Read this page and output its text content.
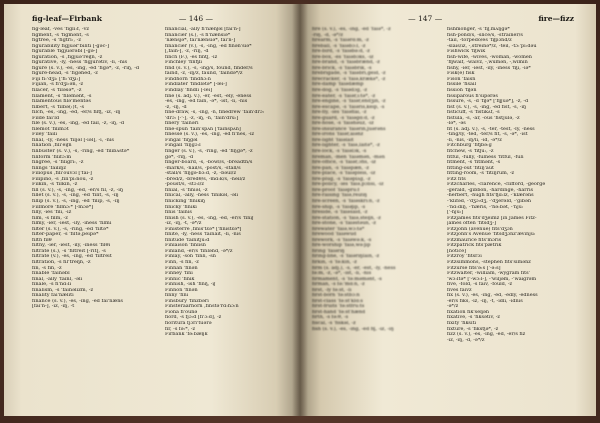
fig-leaf—Firbank	— 146 —
fig-leaf, -ves 'figli:f, -vz
figment, -s 'figmənt, -s
figtree, -s 'figtri:, -z
figurability figjuər'biliti [-gəc-]
figurable 'figjuərəbl [-gə-]
figuration, -s ,figjuə'reiʃn, -z
figurative, -ly, -ness 'figjurətiv, -li, -nis
figure (s. v.), -es, -ing, -ed 'figə*, -z, -riŋ, -d
figure-head, -s 'figəhed, -z
Fiji fi:'dʒi: ['fi:'dʒi:]
Fijian, -s fi'dʒi:ən, -z
filacer, -s 'filəsə*, -z
filament, -s 'filəmənt, -s
filamentous filə'mentəs
filbert, -s 'filbə(:)t, -s
filch, -es, -ing, -ed, -er/s filtʃ, -iz, -iŋ
Filde fai'ld
file (s. v.), -es, -ing, -ed fail, -z, -iŋ, -d
filemot 'filimɔt
Filey 'faili
filial, -ly, -ness 'filjəl [-iəl], -i, -nis
filiation ,fili'eiʃn
filibuster (s. v.), -s, -ring, -ed 'filibʌstə*
filiform 'filifɔ:m
filigree, -s 'filigri:, -z
filings 'failiŋz
Filiopus ,fili'ouvɔl ['fai-]
Filipino, -s ,fili'pi:nou, -z
Filkin, -s 'filkin, -z
fill (s. v.), -s, -ing, -ed, -er/s fil, -z, -iŋ
fillet (s. v.), -s, -ing, -ed 'filit, -s, -iŋ
fillip (s. v.), -s, -ing, -ed 'filip, -s, -iŋ
Fillmore 'filmɔ:* [-mɔə*]
filly, -ies 'fili, -iz
film, -s film, -z
filmy, -ier, -iest, -ily, -iness 'filmi
filter (s. v.), -s, -ring, -ed 'filtə*
filter-paper, -s 'filtə,peipə*
filth filθ
filthy, -ier, -iest, -ily, -iness 'filθi
filtrate (s.), -s 'filtreit [-rit], -s
filtrate (v.), -es, -ing, -ed 'filtreit
filtration, -s fil'treiʃn, -z
fin, -s fin, -z
finable 'fainəbl
final, -ally 'fainl, -əli
finale, -s fi'nɑ:li
finalism, -s 'fainəlizm, -z
finality fai'næliti
finance (s. v.), -es, -ing, -ed fai'næns
[fai'n-], -iz, -iŋ, -t
financial, -ally fi'nænʃəl [fai'n-]
financier (s.), -s fi'nænsiə*
'nænsjə*, fai'nænsiə*, fai'n-]
financier (v.), -s, -ing, -ed finən'siə*
[,fain-], -z, -riŋ, -d
finch (F.), -es fintʃ, -iz
Finchley 'fintʃli
find (s. v.), -s, -ing/s, found, finder/s
faind, -z, -iŋ/z, faund, 'faində*/z
Findhorn 'findhɔ:n
Findlater 'findlətə* [-lei-]
Findlay 'findli [-lei]
fine (s. adj. v.), -er, -est, -ely, -eness
-es, -ing, -ed fain, -ə*, -ist, -li, -nis
-z, -iŋ, -d
fine-draw, -s, -ing, -n, finedrew 'fain'drɔ:
'drɔ: [-'-], -z, -iŋ, -n, 'fain'dru:]
finery 'fainəri
fine-spun 'fain'spʌn ['fainspʌn]
finesse (s. v.), -es, -ing, -ed fi'nes, -iz
Fingal 'fiŋgəl
Fingall 'fiŋgɔ:l
finger (s. v.), -s, -ring, -ed 'fiŋgə*, -z
gə*, -riŋ, -d
finger-board, -s, -bowl/s, -breadth/s
-mark/s, -nail/s, -post/s, -stall/s
-stall/s 'fiŋgə-bɔ:d, -z, -bəul/z
-bred/z, -bredθ/s, -mɑ:k/s, -neil/z
-poust/s, -stɔ:l/z
finial, -s 'finiəl, -z
finical, -ally, -ness 'finikəl, -əli
finicking 'finikiŋ
finicky 'finiki
finis 'fainis
finish (s. v.), -es, -ing, -ed, -er/s 'finiʃ
-iz, -iŋ, -t, -ə*/z
Finisterre ,finis'tɛə* ['finistɛə*]
finite, -ly, -ness 'fainait, -li, -nis
finitude 'fainitju:d
Finlaison 'finlisn
Finland, -er/s 'finlənd, -ə*/z
Finlay, -son 'finli, -sn
Finn, -s fin, -z
Finnan 'finən
Finney 'fini
Finnic 'finik
Finnish, -ish 'finiʃ, -iʃ
Finnon 'finən
finny 'fini
Finsbury 'finzbəri
Finsteraarhorn ,finstə'rɑ:hɔ:n
Fiona fi'ounə
fiord, -s fjɔ:d [fi'ɔ:d], -z
fioritura fjɔri'tuərə
fir, -s fə:*, -z
Firbank 'fə:bæŋk
— 147 —	fire—fizz
fire (s. v.), -es, -ing, -ed 'faiə*, -z
-riŋ, -d, -ə*/z
firearm, -s 'faiərɑ:m, -z
fireball, -s 'faiəbɔ:l, -z
fire-bird, -s 'faiəbə:d, -z
fire-box, -es 'faiəbɔks, -iz
fire-brand, -s 'faiəbrænd, -z
fire-brick, -s 'faiəbrik, -s
firebrigade, -s 'faiəbri,geid, -z
firecracker, -s 'faiə,krækə*, -z
fire-damp 'faiədæmp
fire-dog, -s 'faiədɔg, -z
fire-eater, -s 'faiər,i:tə*, -z
fire-engine, -s 'faiər,endʒin, -z
fire-escape, -s 'faiəris,keip, -s
fire-fly, -ies 'faiəflai, -z
fire-guard, -s 'faiəgɑ:d, -z
fire-hose, -s 'faiəhəuz, -iz
fire-insurance 'faiərin,ʃuərəns
fire-irons 'faiər,aiənz
fire-light 'faiəlait
fire-lighter, -s 'faiə,laitə*, -z
fire-lock, -s 'faiəlɔk, -s
fireman, -men 'faiəmən, -mən
fire-office, -s 'faiər,ɔfis, -iz
fire-pan, -s 'faiəpæn, -z
fire-place, -s 'faiəpleis, -iz
fire-plug, -s 'faiəplʌg, -z
fire-policy, -ies 'faiə,pɔlisi, -iz
fire-proof 'faiəpru:f
fire-raising 'faiə,reiziŋ
fire-screen, -s 'faiəskri:n, -z
fire-ship, -s 'faiəʃip, -s
fireside, -s 'faiəsaid, -z
fire-station, -s 'faiə,steiʃn, -z
fire-stone, -s 'faiəstəun, -z
firewater 'faiə,wɔ:tə*
firewood 'faiəwud
firework, -s 'faiəwə:k, -s
fire-worship 'faiə,wə:ʃip
firing 'faiəriŋ
firing-line, -s 'faiəriŋlain, -z
firkin, -s 'fə:kin, -z
firm (s. adj.), -s, -er, -est, -ly, -ness
fə:m, -z, -ə*, -ist, -li, -nis
firmament, -s 'fə:məmənt, -s
firman, -s fə:'mɑ:n, -z
first, -ly fə:st, -li
first-born 'fə:stbɔ:n
first-class 'fə:st'klɑ:s
first-fruits 'fə:stfru:ts
first-hand 'fə:st'hænd
firth, -s fə:θ, -s
fiscal, -s 'fiskəl, -z
fish (s. v.), -es, -ing, -ed fiʃ, -iz, -iŋ
fishmonger, -s 'fiʃ,mʌŋgə*
fish-pond/s, -slice/s, -strainer/s
-tail, -torpedo/es 'fiʃpɔnd/z
-slais/iz, -,streinə*/z, -teil, -tɔ:'pi:dəu
Fishwick 'fiʃwik
fish-wife, -wives, -woman, -women
'fiʃwaif, -waivz, -,wumən, -,wimin
fishy, -ier, -iest, -ily, -iness 'fiʃi, -iə*
Fisk(e) fisk
Fison 'faisn
fissile 'fisail
fission 'fiʃən
fissiparous fi'sipərəs
fissure, -s, -d 'fiʃə* ['fiʃjuə*], -z, -d
fist (s. v.), -s, -ing, -ed fist, -s, -iŋ
fisticuff, -s 'fistikʌf, -s
fistula, -s, -ar, -ous 'fistjulə, -z
-lə*, -əs
fit (s. adj. v.), -s, -ter, -test, -ly, -ness
-ting/ly, -ted, -ter/s fit, -s, -ə*, -ist
-li, -nis, -iŋ/li, -id, -ə*/z
Fitchburg 'fitʃbə:g
fitchew, -s 'fitʃu:, -z
fitful, -fully, -fulness 'fitful, -fuli
fitment, -s 'fitmənt, -s
fitting-out 'fitiŋ'aut
fitting-room, -s 'fitiŋrum, -z
Fitz fits
Fitzcharles, -clarence, -clifford, -george
-gerald, -gibbon, -hardinge, -harris
-herbert, -hugh fits'tʃɑ:lz, -'klærəns
-'klifəd, -'dʒɔ:dʒ, -'dʒerəld, -'gibən
-'hɑ:diŋ, -'hæris, -'hə:bət, -'hju:
['-hju:]
Fitzjames fits'dʒeimz [in James Fitz-
james often 'fitsdʒ-]
Fitzjohn (avenue) fits'dʒɔn
Fitzjohn's Avenue 'fitsdʒɔnz'ævinju:
Fitzmaurice fits'mɔris
Fitzpatrick fits'pætrik
[notice]
Fitzroy 'fitsrɔi
Fitzsimmons, -stephen fits'simənz
Fitzurse fits'ə:s ['-ə:s]
Fitzwalter, -william, -wygram fits'
'wɔ:ltə* ['-wɔ:l-], -'wiljəm, -'waigrəm
five, -fold, -s faiv, -fould, -z
fives faivz
fix (s. v.), -es, -ing, -ed, -edly, -edness
-er/s fiks, -iz, -iŋ, -t, -idli, -idnis
-ə*/z
fixation fik'seiʃən
fixative, -s 'fiksətiv, -z
fixity 'fiksiti
fixture, -s 'fikstʃə*, -z
fizz (s. v.), -es, -ing, -ed, -er/s fiz
-iz, -iŋ, -d, -ə*/z
